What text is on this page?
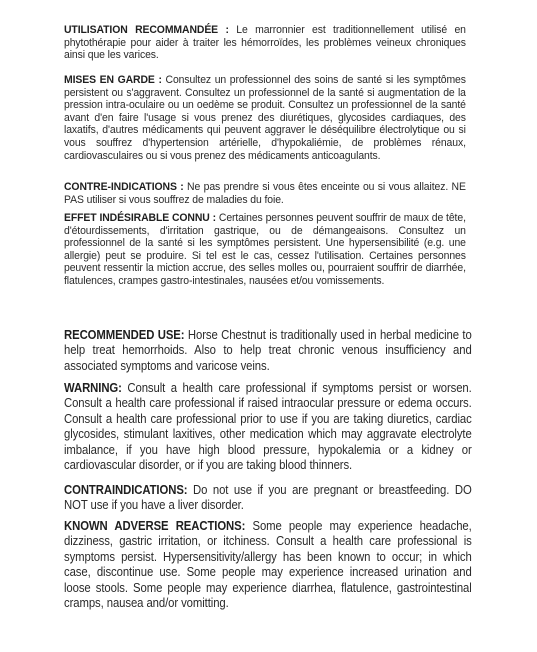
UTILISATION RECOMMANDÉE : Le marronnier est traditionnellement utilisé en phytothérapie pour aider à traiter les hémorroïdes, les problèmes veineux chroniques ainsi que les varices.
MISES EN GARDE : Consultez un professionnel des soins de santé si les symptômes persistent ou s'aggravent. Consultez un professionnel de la santé si augmentation de la pression intra-oculaire ou un oedème se produit. Consultez un professionnel de la santé avant d'en faire l'usage si vous prenez des diurétiques, glycosides cardiaques, des laxatifs, d'autres médicaments qui peuvent aggraver le déséquilibre électrolytique ou si vous souffrez d'hypertension artérielle, d'hypokaliémie, de problèmes rénaux, cardiovasculaires ou si vous prenez des médicaments anticoagulants.
CONTRE-INDICATIONS : Ne pas prendre si vous êtes enceinte ou si vous allaitez. NE PAS utiliser si vous souffrez de maladies du foie.
EFFET INDÉSIRABLE CONNU : Certaines personnes peuvent souffrir de maux de tête, d'étourdissements, d'irritation gastrique, ou de démangeaisons. Consultez un professionnel de la santé si les symptômes persistent. Une hypersensibilité (e.g. une allergie) peut se produire. Si tel est le cas, cessez l'utilisation. Certaines personnes peuvent ressentir la miction accrue, des selles molles ou, pourraient souffrir de diarrhée, flatulences, crampes gastro-intestinales, nausées et/ou vomissements.
RECOMMENDED USE: Horse Chestnut is traditionally used in herbal medicine to help treat hemorrhoids. Also to help treat chronic venous insufficiency and associated symptoms and varicose veins.
WARNING: Consult a health care professional if symptoms persist or worsen. Consult a health care professional if raised intraocular pressure or edema occurs. Consult a health care professional prior to use if you are taking diuretics, cardiac glycosides, stimulant laxitives, other medication which may aggravate electrolyte imbalance, if you have high blood pressure, hypokalemia or a kidney or cardiovascular disorder, or if you are taking blood thinners.
CONTRAINDICATIONS: Do not use if you are pregnant or breastfeeding. DO NOT use if you have a liver disorder.
KNOWN ADVERSE REACTIONS: Some people may experience headache, dizziness, gastric irritation, or itchiness. Consult a health care professional is symptoms persist. Hypersensitivity/allergy has been known to occur; in which case, discontinue use. Some people may experience increased urination and loose stools. Some people may experience diarrhea, flatulence, gastrointestinal cramps, nausea and/or vomitting.
